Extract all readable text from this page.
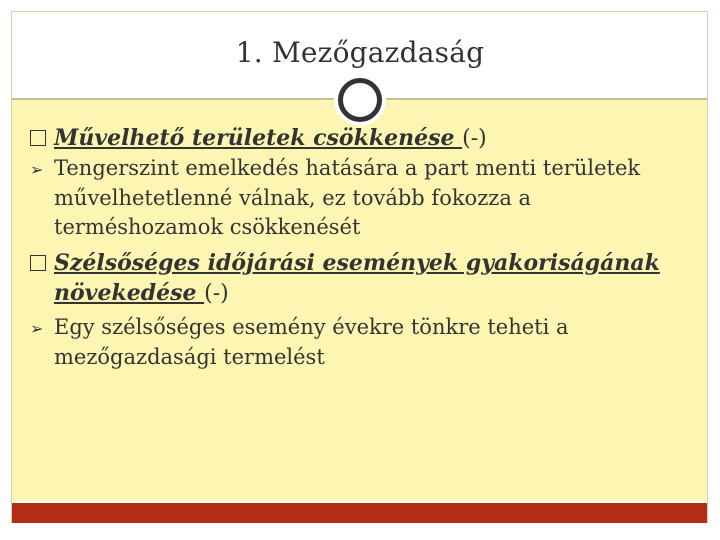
1. Mezőgazdaság

Művelhető területek csökkenése (-)

➢ Tengerszint emelkedés hatására a part menti területek művelhetetlenné válnak, ez tovább fokozza a terméshozamok csökkenését

Szélsőséges időjárási események gyakoriságának növekedése (-)

➢ Egy szélsőséges esemény évekre tönkre teheti a mezőgazdasági termelést
